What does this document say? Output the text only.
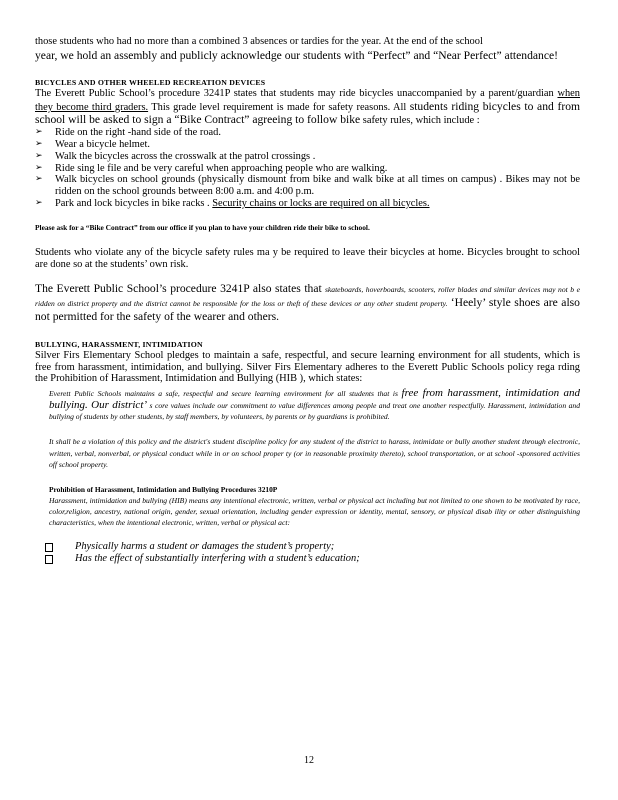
those students who had no more than a combined 3 absences or tardies for the year. At the end of the school

year, we hold an assembly and publicly acknowledge our students with “Perfect” and “Near Perfect” attendance!

BICYCLES AND OTHER WHEELED RECREATION DEVICES

The Everett Public School’s procedure 3241P states that students may ride bicycles unaccompanied by a parent/guardian when they become third graders. This grade level requirement is made for safety reasons. All students riding bicycles to and from school will be asked to sign a “Bike Contract” agreeing to follow bike safety rules, which include :

➢ Ride on the right -hand side of the road.
➢ Wear a bicycle helmet.
➢ Walk the bicycles across the crosswalk at the patrol crossings .
➢ Ride sing le file and be very careful when approaching people who are walking.
➢ Walk bicycles on school grounds (physically dismount from bike and walk bike at all times on campus) . Bikes may not be ridden on the school grounds between 8:00 a.m. and 4:00 p.m.
➢ Park and lock bicycles in bike racks . Security chains or locks are required on all bicycles.

Please ask for a “Bike Contract” from our office if you plan to have your children ride their bike to school.

Students who violate any of the bicycle safety rules ma y be required to leave their bicycles at home. Bicycles brought to school are done so at the students’ own risk.

The Everett Public School’s procedure 3241P also states that skateboards, hoverboards, scooters, roller blades and similar devices may not b e ridden on district property and the district cannot be responsible for the loss or theft of these devices or any other student property. ‘Heely’ style shoes are also not permitted for the safety of the wearer and others.

BULLYING, HARASSMENT, INTIMIDATION

Silver Firs Elementary School pledges to maintain a safe, respectful, and secure learning environment for all students, which is free from harassment, intimidation, and bullying. Silver Firs Elementary adheres to the Everett Public Schools policy rega rding the Prohibition of Harassment, Intimidation and Bullying (HIB ), which states:

Everett Public Schools maintains a safe, respectful and secure learning environment for all students that is free from harassment, intimidation and bullying. Our district’ s core values include our commitment to value differences among people and treat one another respectfully. Harassment, intimidation and bullying of students by other students, by staff members, by volunteers, by parents or by guardians is prohibited.

It shall be a violation of this policy and the district's student discipline policy for any student of the district to harass, intimidate or bully another student through electronic, written, verbal, nonverbal, or physical conduct while in or on school proper ty (or in reasonable proximity thereto), school transportation, or at school -sponsored activities off school property.

Prohibition of Harassment, Intimidation and Bullying Procedures 3210P

Harassment, intimidation and bullying (HIB) means any intentional electronic, written, verbal or physical act including but not limited to one shown to be motivated by race, color,religion, ancestry, national origin, gender, sexual orientation, including gender expression or identity, mental, sensory, or physical disab ility or other distinguishing characteristics, when the intentional electronic, written, verbal or physical act:

Physically harms a student or damages the student’s property;
Has the effect of substantially interfering with a student’s education;
12
